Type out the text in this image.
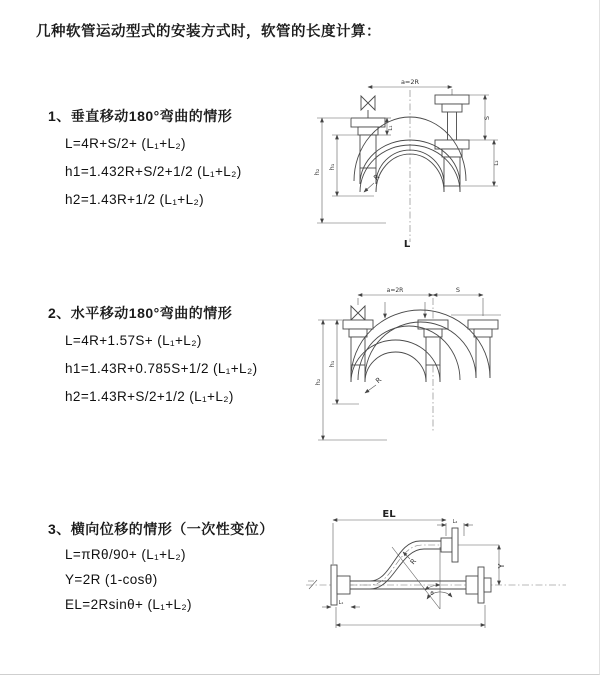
几种软管运动型式的安装方式时，软管的长度计算：
1、垂直移动180°弯曲的情形
L=4R+S/2+ (L₁+L₂)
h1=1.432R+S/2+1/2 (L₁+L₂)
h2=1.43R+1/2 (L₁+L₂)
2、水平移动180°弯曲的情形
L=4R+1.57S+ (L₁+L₂)
h1=1.43R+0.785S+1/2 (L₁+L₂)
h2=1.43R+S/2+1/2 (L₁+L₂)
3、横向位移的情形（一次性变位）
L=πRθ/90+ (L₁+L₂)
Y=2R (1-cosθ)
EL=2Rsinθ+ (L₁+L₂)
a=2R
L₁
h₁
h₂
S
L₂
R
L
a=2R	S
h₁
h₂	R
EL
L₂
L₁
Y
R
θ
